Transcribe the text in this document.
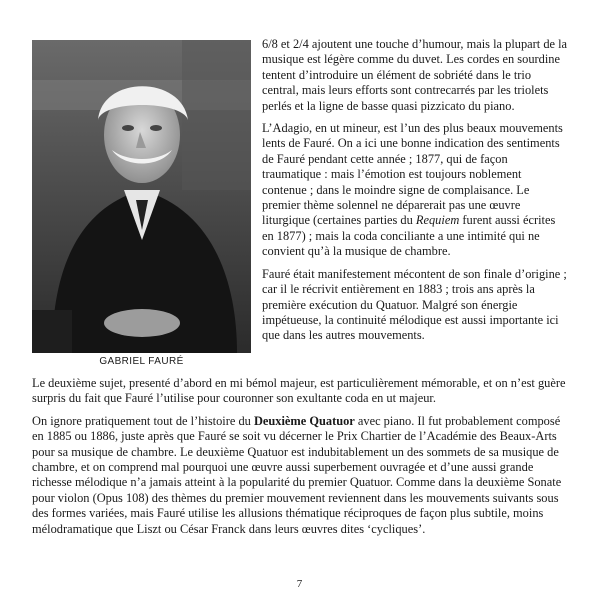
GABRIEL FAURÉ

6/8 et 2/4 ajoutent une touche d’humour, mais la plupart de la musique est légère comme du duvet. Les cordes en sourdine tentent d’introduire un élément de sobriété dans le trio central, mais leurs efforts sont contrecarrés par les triolets perlés et la ligne de basse quasi pizzicato du piano.

L’Adagio, en ut mineur, est l’un des plus beaux mouvements lents de Fauré. On a ici une bonne indication des sentiments de Fauré pendant cette année ; 1877, qui de façon traumatique : mais l’émotion est toujours noblement contenue ; dans le moindre signe de complaisance. Le premier thème solennel ne déparerait pas une œuvre liturgique (certaines parties du Requiem furent aussi écrites en 1877) ; mais la coda conciliante a une intimité qui ne convient qu’à la musique de chambre.

Fauré était manifestement mécontent de son finale d’origine ; car il le récrivit entièrement en 1883 ; trois ans après la première exécution du Quatuor. Malgré son énergie impétueuse, la continuité mélodique est aussi importante ici que dans les autres mouvements.

Le deuxième sujet, presenté d’abord en mi bémol majeur, est particulièrement mémorable, et on n’est guère surpris du fait que Fauré l’utilise pour couronner son exultante coda en ut majeur.

On ignore pratiquement tout de l’histoire du Deuxième Quatuor avec piano. Il fut probablement composé en 1885 ou 1886, juste après que Fauré se soit vu décerner le Prix Chartier de l’Académie des Beaux-Arts pour sa musique de chambre. Le deuxième Quatuor est indubitablement un des sommets de sa musique de chambre, et on comprend mal pourquoi une œuvre aussi superbement ouvragée et d’une aussi grande richesse mélodique n’a jamais atteint à la popularité du premier Quatuor. Comme dans la deuxième Sonate pour violon (Opus 108) des thèmes du premier mouvement reviennent dans les mouvements suivants sous des formes variées, mais Fauré utilise les allusions thématique réciproques de façon plus subtile, moins mélodramatique que Liszt ou César Franck dans leurs œuvres dites ‘cycliques’.

7
